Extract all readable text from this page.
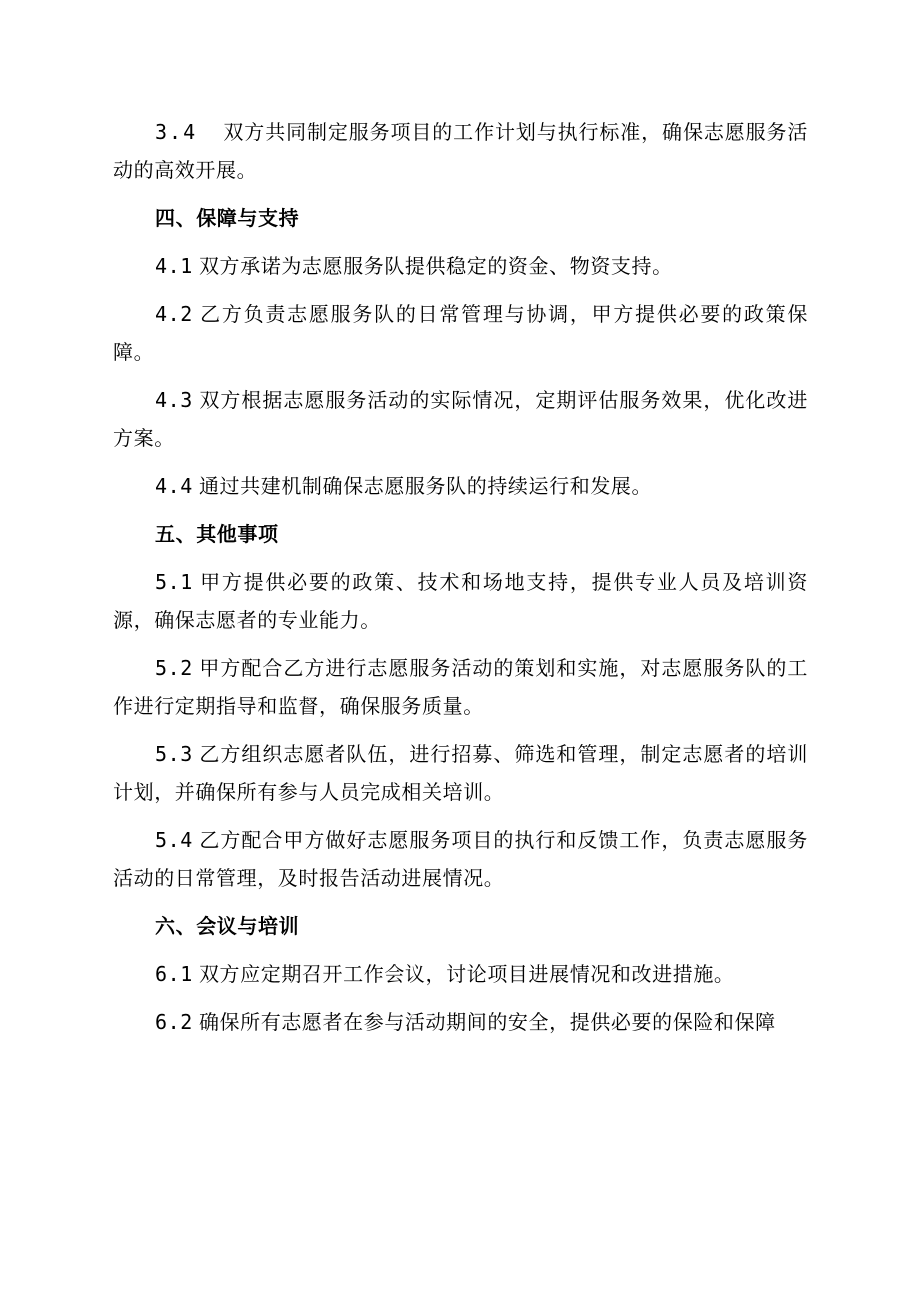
3.4 双方共同制定服务项目的工作计划与执行标准，确保志愿服务活动的高效开展。

四、保障与支持

4.1 双方承诺为志愿服务队提供稳定的资金、物资支持。

4.2 乙方负责志愿服务队的日常管理与协调，甲方提供必要的政策保障。

4.3 双方根据志愿服务活动的实际情况，定期评估服务效果，优化改进方案。

4.4 通过共建机制确保志愿服务队的持续运行和发展。

五、其他事项

5.1 甲方提供必要的政策、技术和场地支持，提供专业人员及培训资源，确保志愿者的专业能力。

5.2 甲方配合乙方进行志愿服务活动的策划和实施，对志愿服务队的工作进行定期指导和监督，确保服务质量。

5.3 乙方组织志愿者队伍，进行招募、筛选和管理，制定志愿者的培训计划，并确保所有参与人员完成相关培训。

5.4 乙方配合甲方做好志愿服务项目的执行和反馈工作，负责志愿服务活动的日常管理，及时报告活动进展情况。

六、会议与培训

6.1 双方应定期召开工作会议，讨论项目进展情况和改进措施。

6.2 确保所有志愿者在参与活动期间的安全，提供必要的保险和保障
